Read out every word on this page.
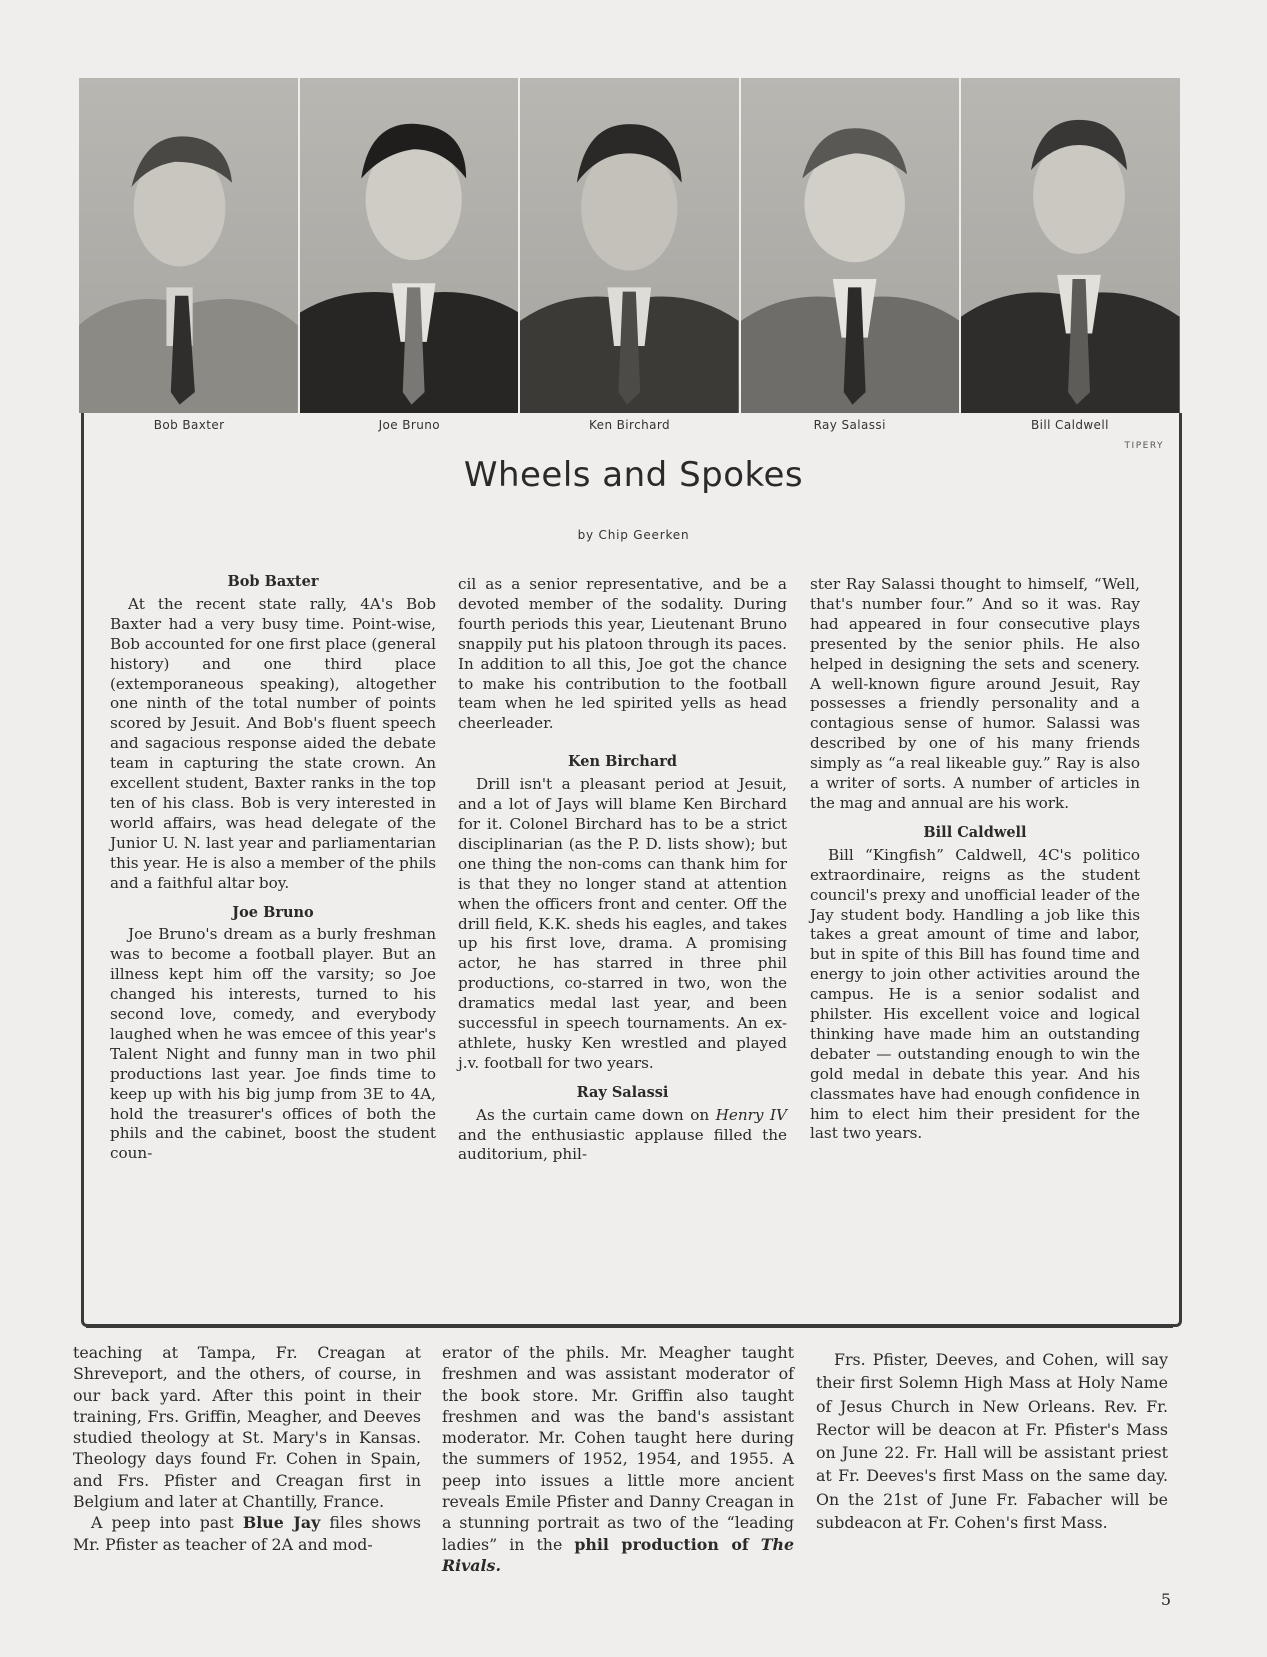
Bob Baxter	Joe Bruno	Ken Birchard	Ray Salassi	Bill Caldwell
TIPERY
Wheels and Spokes
by Chip Geerken

Bob Baxter

At the recent state rally, 4A's Bob Baxter had a very busy time. Point-wise, Bob accounted for one first place (general history) and one third place (extemporaneous speaking), altogether one ninth of the total number of points scored by Jesuit. And Bob's fluent speech and sagacious response aided the debate team in capturing the state crown. An excellent student, Baxter ranks in the top ten of his class. Bob is very interested in world affairs, was head delegate of the Junior U. N. last year and parliamentarian this year. He is also a member of the phils and a faithful altar boy.

Joe Bruno

Joe Bruno's dream as a burly freshman was to become a football player. But an illness kept him off the varsity; so Joe changed his interests, turned to his second love, comedy, and everybody laughed when he was emcee of this year's Talent Night and funny man in two phil productions last year. Joe finds time to keep up with his big jump from 3E to 4A, hold the treasurer's offices of both the phils and the cabinet, boost the student coun-

cil as a senior representative, and be a devoted member of the sodality. During fourth periods this year, Lieutenant Bruno snappily put his platoon through its paces. In addition to all this, Joe got the chance to make his contribution to the football team when he led spirited yells as head cheerleader.

Ken Birchard

Drill isn't a pleasant period at Jesuit, and a lot of Jays will blame Ken Birchard for it. Colonel Birchard has to be a strict disciplinarian (as the P. D. lists show); but one thing the non-coms can thank him for is that they no longer stand at attention when the officers front and center. Off the drill field, K.K. sheds his eagles, and takes up his first love, drama. A promising actor, he has starred in three phil productions, co-starred in two, won the dramatics medal last year, and been successful in speech tournaments. An ex-athlete, husky Ken wrestled and played j.v. football for two years.

Ray Salassi

As the curtain came down on Henry IV and the enthusiastic applause filled the auditorium, phil-

ster Ray Salassi thought to himself, “Well, that's number four.” And so it was. Ray had appeared in four consecutive plays presented by the senior phils. He also helped in designing the sets and scenery. A well-known figure around Jesuit, Ray possesses a friendly personality and a contagious sense of humor. Salassi was described by one of his many friends simply as “a real likeable guy.” Ray is also a writer of sorts. A number of articles in the mag and annual are his work.

Bill Caldwell

Bill “Kingfish” Caldwell, 4C's politico extraordinaire, reigns as the student council's prexy and unofficial leader of the Jay student body. Handling a job like this takes a great amount of time and labor, but in spite of this Bill has found time and energy to join other activities around the campus. He is a senior sodalist and philster. His excellent voice and logical thinking have made him an outstanding debater — outstanding enough to win the gold medal in debate this year. And his classmates have had enough confidence in him to elect him their president for the last two years.

teaching at Tampa, Fr. Creagan at Shreveport, and the others, of course, in our back yard. After this point in their training, Frs. Griffin, Meagher, and Deeves studied theology at St. Mary's in Kansas. Theology days found Fr. Cohen in Spain, and Frs. Pfister and Creagan first in Belgium and later at Chantilly, France.

A peep into past Blue Jay files shows Mr. Pfister as teacher of 2A and mod-

erator of the phils. Mr. Meagher taught freshmen and was assistant moderator of the book store. Mr. Griffin also taught freshmen and was the band's assistant moderator. Mr. Cohen taught here during the summers of 1952, 1954, and 1955. A peep into issues a little more ancient reveals Emile Pfister and Danny Creagan in a stunning portrait as two of the “leading ladies” in the phil production of The Rivals.

Frs. Pfister, Deeves, and Cohen, will say their first Solemn High Mass at Holy Name of Jesus Church in New Orleans. Rev. Fr. Rector will be deacon at Fr. Pfister's Mass on June 22. Fr. Hall will be assistant priest at Fr. Deeves's first Mass on the same day. On the 21st of June Fr. Fabacher will be subdeacon at Fr. Cohen's first Mass.

5
